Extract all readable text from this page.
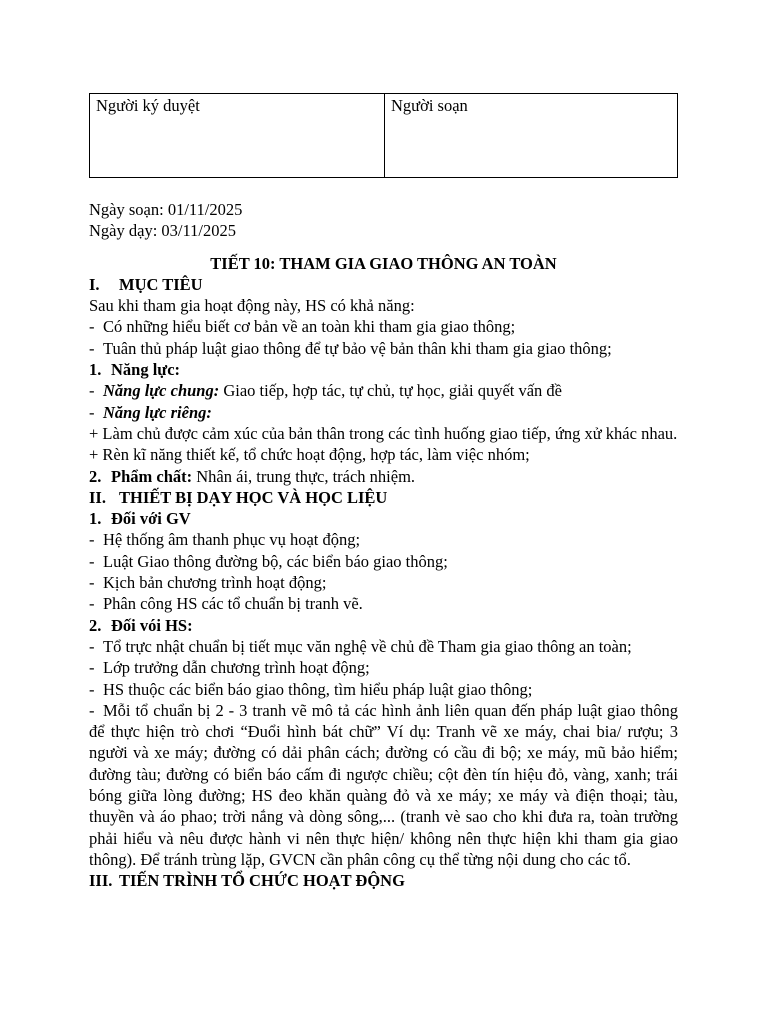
Người ký duyệt	Người soạn
Ngày soạn: 01/11/2025
Ngày dạy: 03/11/2025
TIẾT 10: THAM GIA GIAO THÔNG AN TOÀN
I. MỤC TIÊU
Sau khi tham gia hoạt động này, HS có khả năng:
- Có những hiểu biết cơ bản về an toàn khi tham gia giao thông;
- Tuân thủ pháp luật giao thông để tự bảo vệ bản thân khi tham gia giao thông;
1. Năng lực:
- Năng lực chung: Giao tiếp, hợp tác, tự chủ, tự học, giải quyết vấn đề
- Năng lực riêng:
+ Làm chủ được cảm xúc của bản thân trong các tình huống giao tiếp, ứng xử khác nhau.
+ Rèn kĩ năng thiết kế, tổ chức hoạt động, hợp tác, làm việc nhóm;
2. Phẩm chất: Nhân ái, trung thực, trách nhiệm.
II. THIẾT BỊ DẠY HỌC VÀ HỌC LIỆU
1. Đối với GV
- Hệ thống âm thanh phục vụ hoạt động;
- Luật Giao thông đường bộ, các biển báo giao thông;
- Kịch bản chương trình hoạt động;
- Phân công HS các tổ chuẩn bị tranh vẽ.
2. Đối vói HS:
- Tổ trực nhật chuẩn bị tiết mục văn nghệ về chủ đề Tham gia giao thông an toàn;
- Lớp trưởng dẫn chương trình hoạt động;
- HS thuộc các biển báo giao thông, tìm hiểu pháp luật giao thông;
- Mỗi tổ chuẩn bị 2 - 3 tranh vẽ mô tả các hình ảnh liên quan đến pháp luật giao thông để thực hiện trò chơi “Đuổi hình bát chữ” Ví dụ: Tranh vẽ xe máy, chai bia/ rượu; 3 người và xe máy; đường có dải phân cách; đường có cầu đi bộ; xe máy, mũ bảo hiểm; đường tàu; đường có biển báo cấm đi ngược chiều; cột đèn tín hiệu đỏ, vàng, xanh; trái bóng giữa lòng đường; HS đeo khăn quàng đỏ và xe máy; xe máy và điện thoại; tàu, thuyền và áo phao; trời nắng và dòng sông,... (tranh vè sao cho khi đưa ra, toàn trường phải hiểu và nêu được hành vi nên thực hiện/ không nên thực hiện khi tham gia giao thông). Để tránh trùng lặp, GVCN cần phân công cụ thể từng nội dung cho các tổ.
III. TIẾN TRÌNH TỔ CHỨC HOẠT ĐỘNG
